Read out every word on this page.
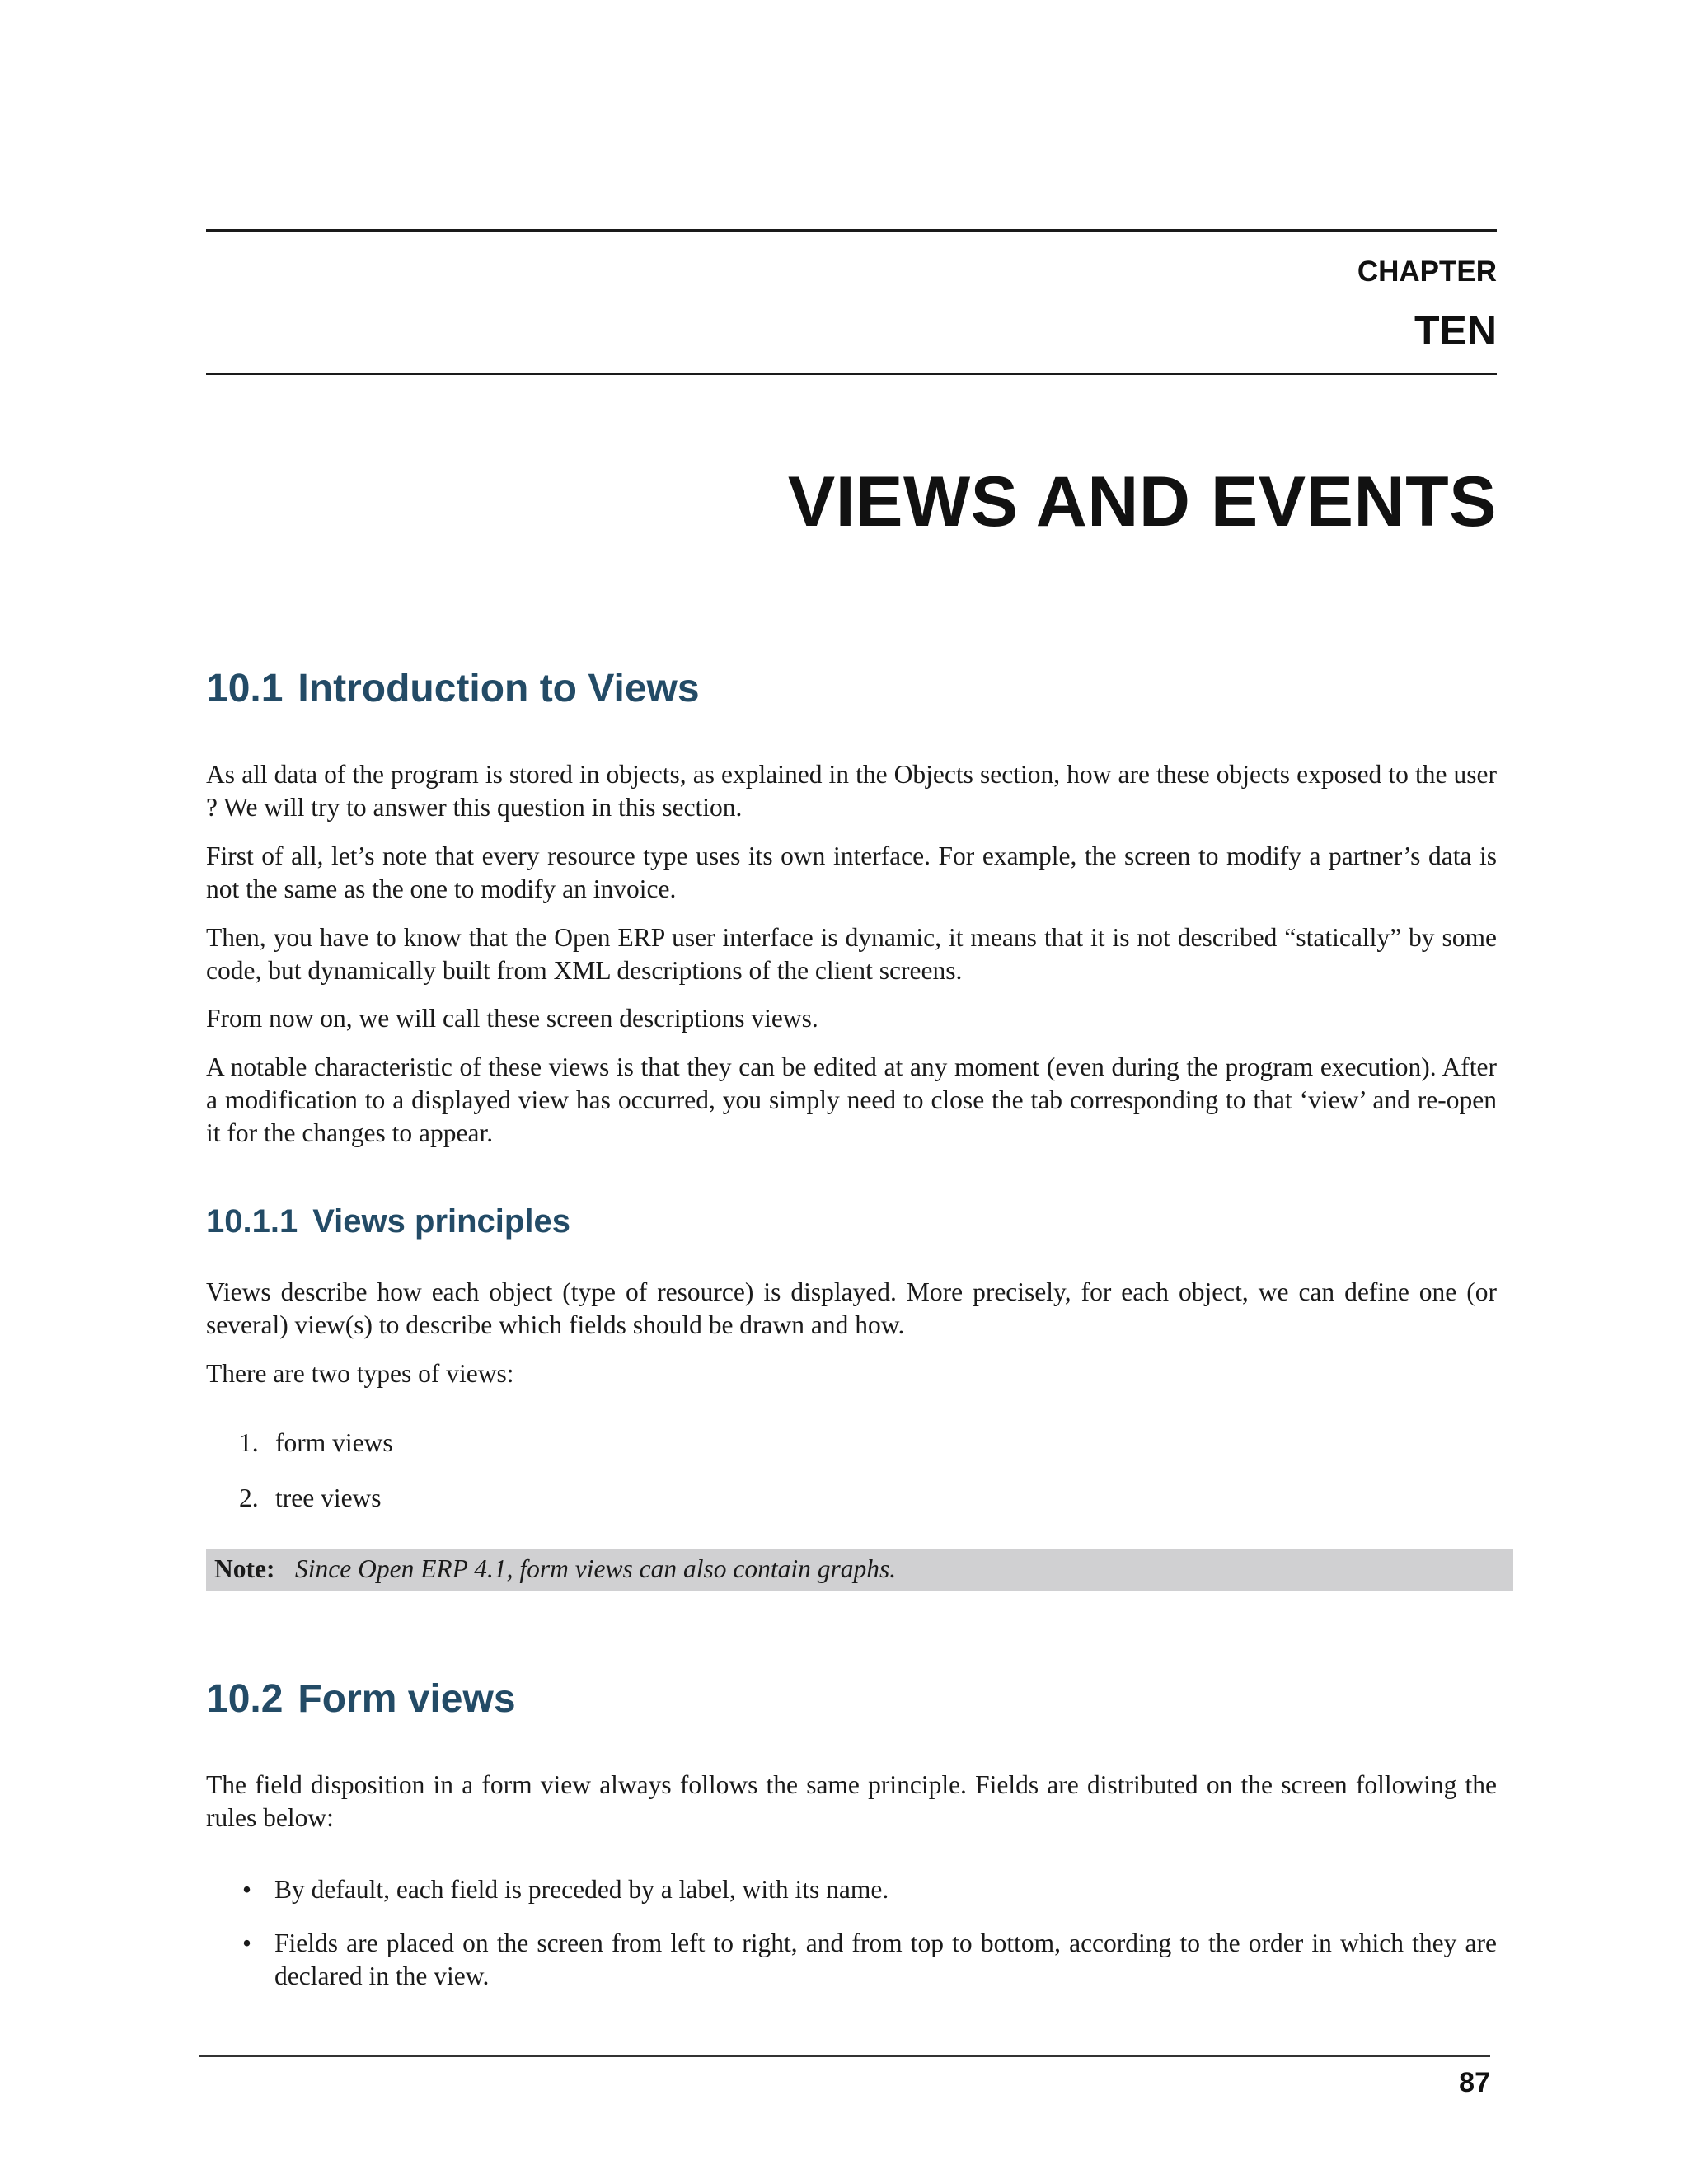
CHAPTER
TEN
VIEWS AND EVENTS
10.1 Introduction to Views

As all data of the program is stored in objects, as explained in the Objects section, how are these objects exposed to the user ? We will try to answer this question in this section.

First of all, let’s note that every resource type uses its own interface. For example, the screen to modify a partner’s data is not the same as the one to modify an invoice.

Then, you have to know that the Open ERP user interface is dynamic, it means that it is not described “statically” by some code, but dynamically built from XML descriptions of the client screens.

From now on, we will call these screen descriptions views.

A notable characteristic of these views is that they can be edited at any moment (even during the program execution). After a modification to a displayed view has occurred, you simply need to close the tab corresponding to that ‘view’ and re-open it for the changes to appear.

10.1.1 Views principles

Views describe how each object (type of resource) is displayed. More precisely, for each object, we can define one (or several) view(s) to describe which fields should be drawn and how.

There are two types of views:

1. form views

2. tree views

Note: Since Open ERP 4.1, form views can also contain graphs.
10.2 Form views

The field disposition in a form view always follows the same principle. Fields are distributed on the screen following the rules below:

• By default, each field is preceded by a label, with its name.
• Fields are placed on the screen from left to right, and from top to bottom, according to the order in which they are declared in the view.
87
